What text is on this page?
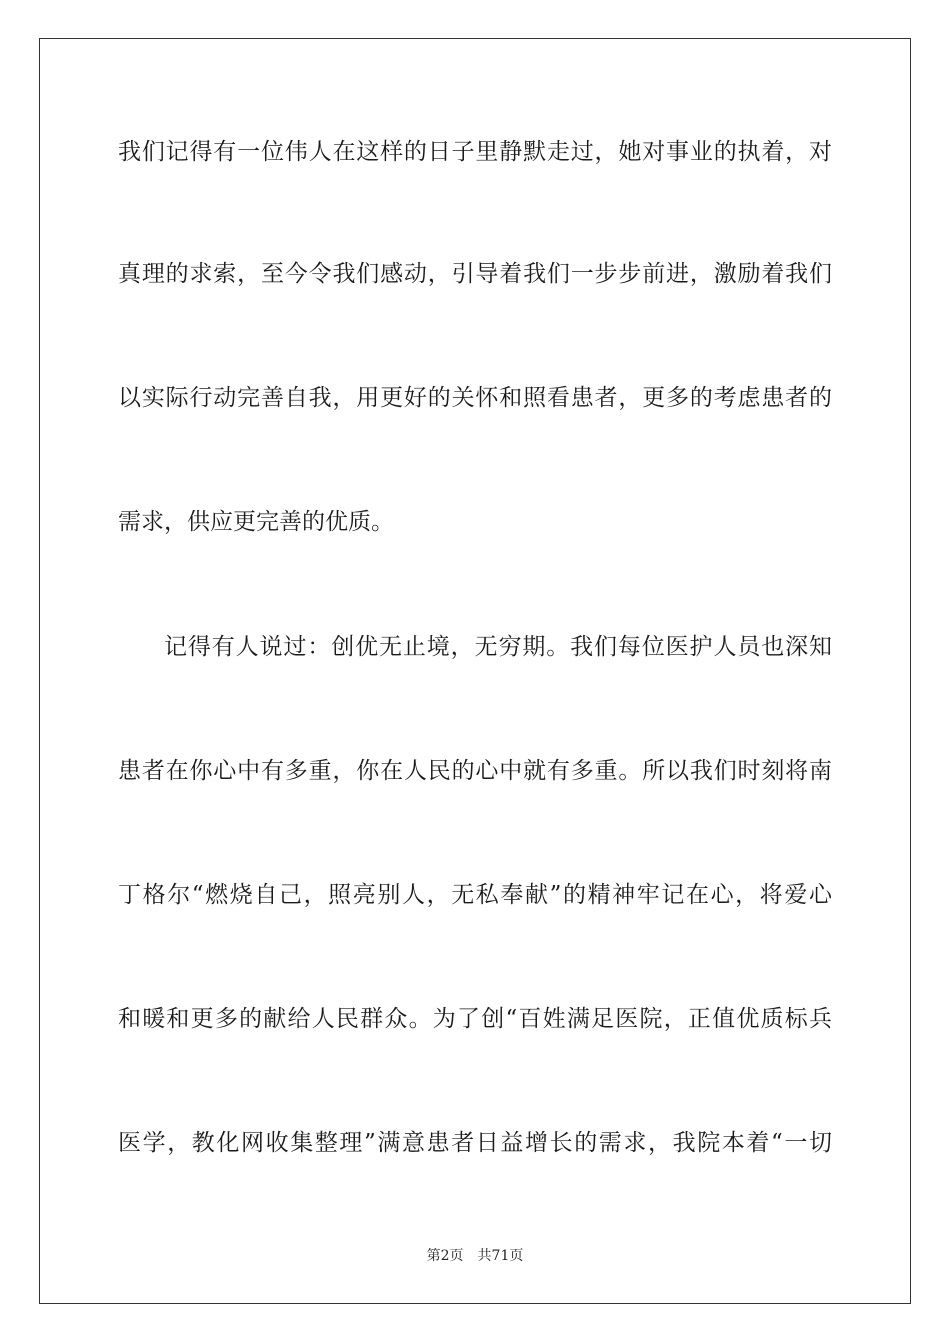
我们记得有一位伟人在这样的日子里静默走过，她对事业的执着，对
真理的求索，至今令我们感动，引导着我们一步步前进，激励着我们
以实际行动完善自我，用更好的关怀和照看患者，更多的考虑患者的
需求，供应更完善的优质。
记得有人说过：创优无止境，无穷期。我们每位医护人员也深知
患者在你心中有多重，你在人民的心中就有多重。所以我们时刻将南
丁格尔“燃烧自己，照亮别人，无私奉献”的精神牢记在心，将爱心
和暖和更多的献给人民群众。为了创“百姓满足医院，正值优质标兵
医学，教化网收集整理”满意患者日益增长的需求，我院本着“一切
第2页 共71页
